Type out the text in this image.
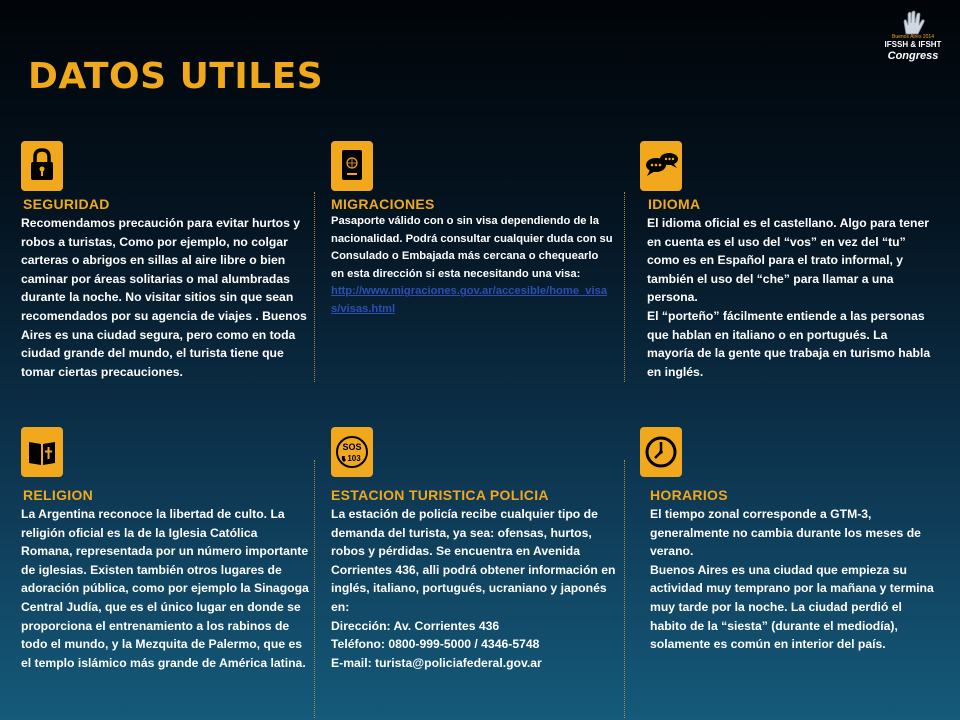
DATOS UTILES
Buenos Aires 2014
IFSSH & IFSHT
Congress
SEGURIDAD

Recomendamos precaución para evitar hurtos y robos a turistas, Como por ejemplo, no colgar carteras o abrigos en sillas al aire libre o bien caminar por áreas solitarias o mal alumbradas durante la noche. No visitar sitios sin que sean recomendados por su agencia de viajes . Buenos Aires es una ciudad segura, pero como en toda ciudad grande del mundo, el turista tiene que tomar ciertas precauciones.

MIGRACIONES
Pasaporte válido con o sin visa dependiendo de la nacionalidad. Podrá consultar cualquier duda con su Consulado o Embajada más cercana o chequearlo en esta dirección si esta necesitando una visa:
http://www.migraciones.gov.ar/accesible/home_visas/visas.html
IDIOMA
El idioma oficial es el castellano. Algo para tener en cuenta es el uso del “vos” en vez del “tu” como es en Español para el trato informal, y también el uso del “che” para llamar a una persona.
El “porteño” fácilmente entiende a las personas que hablan en italiano o en portugués. La mayoría de la gente que trabaja en turismo habla en inglés.
RELIGION

La Argentina reconoce la libertad de culto. La religión oficial es la de la Iglesia Católica Romana, representada por un número importante de iglesias. Existen también otros lugares de adoración pública, como por ejemplo la Sinagoga Central Judía, que es el único lugar en donde se proporciona el entrenamiento a los rabinos de todo el mundo, y la Mezquita de Palermo, que es el templo islámico más grande de América latina.

SOS
103
ESTACION TURISTICA POLICIA
La estación de policía recibe cualquier tipo de demanda del turista, ya sea: ofensas, hurtos, robos y pérdidas. Se encuentra en Avenida Corrientes 436, alli podrá obtener información en inglés, italiano, portugués, ucraniano y japonés en:
Dirección: Av. Corrientes 436
Teléfono: 0800-999-5000 / 4346-5748
E-mail: turista@policiafederal.gov.ar
HORARIOS
El tiempo zonal corresponde a GTM-3, generalmente no cambia durante los meses de verano.
Buenos Aires es una ciudad que empieza su actividad muy temprano por la mañana y termina muy tarde por la noche. La ciudad perdió el habito de la “siesta” (durante el mediodía), solamente es común en interior del país.
